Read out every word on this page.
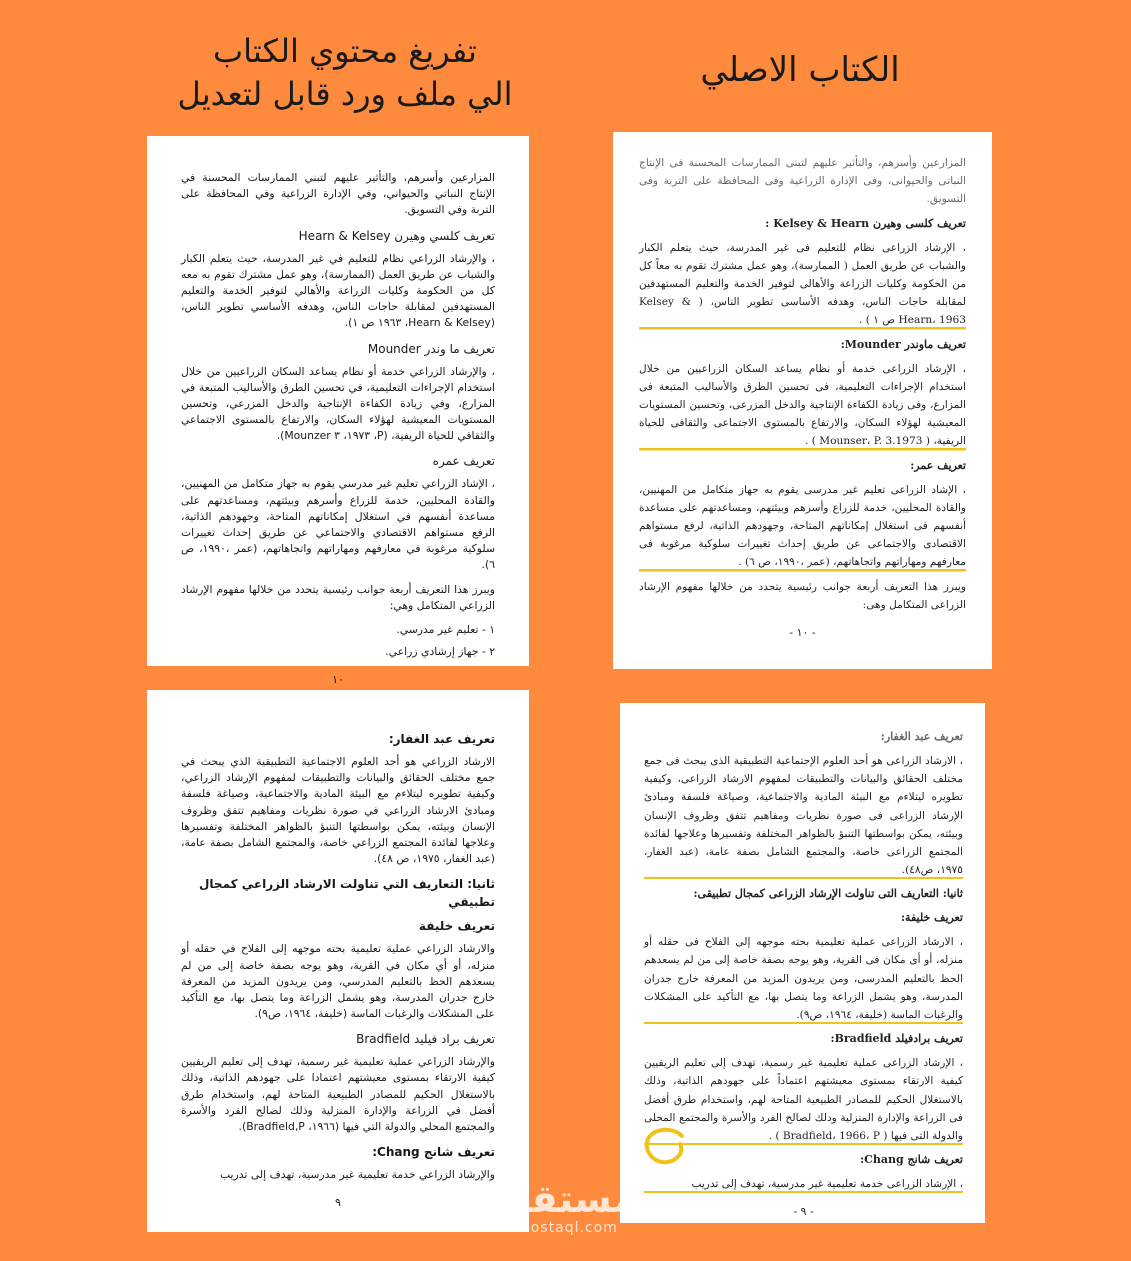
تفريغ محتوي الكتاب
الي ملف ورد قابل لتعديل
الكتاب الاصلي

المزارعين وأسرهم، والتأثير عليهم لتبني الممارسات المحسنة في الإنتاج النباتي والحيواني، وفي الإدارة الزراعية وفي المحافظة على التربة وفي التسويق.

تعريف كلسي وهيرن Hearn & Kelsey

، والإرشاد الزراعي نظام للتعليم في غير المدرسة، حيث يتعلم الكبار والشباب عن طريق العمل (الممارسة)، وهو عمل مشترك تقوم به معه كل من الحكومة وكليات الزراعة والأهالي لتوفير الخدمة والتعليم المستهدفين لمقابلة حاجات الناس، وهدفه الأساسي تطوير الناس، (Hearn & Kelsey، ١٩٦٣ ص ١).

تعريف ما وندر Mounder

، والإرشاد الزراعي خدمة أو نظام يساعد السكان الزراعيين من خلال استخدام الإجراءات التعليمية، في تحسين الطرق والأساليب المتبعة في المزارع، وفي زيادة الكفاءة الإنتاجية والدخل المزرعي، وتحسين المستويات المعيشية لهؤلاء السكان، والارتفاع بالمستوى الاجتماعي والثقافي للحياة الريفية، (P، ١٩٧٣، ٣ Mounzer).

تعريف عمره

، الإشاد الزراعي تعليم غير مدرسي يقوم به جهاز متكامل من المهنيين، والقادة المحليين، خدمة للزراع وأسرهم وبيئتهم، ومساعدتهم على مساعدة أنفسهم في استغلال إمكاناتهم المتاحة، وجهودهم الذاتية، الرفع مستواهم الاقتصادي والاجتماعي عن طريق إحداث تغييرات سلوكية مرغوبة في معارفهم ومهاراتهم واتجاهاتهم، (عمر ،١٩٩٠، ص ٦).

ويبرز هذا التعريف أربعة جوانب رئيسية يتحدد من خلالها مفهوم الإرشاد الزراعي المتكامل وهي:

١ - تعليم غير مدرسي.
٢ - جهاز إرشادي زراعي.
١٠

المزارعين وأسرهم، والتأثير عليهم لتبنى الممارسات المحسنة فى الإنتاج النباتى والحيوانى، وفى الإدارة الزراعية وفى المحافظة على التربة وفى التسويق.

تعريف كلسى وهيرن Kelsey & Hearn :

، الإرشاد الزراعى نظام للتعليم فى غير المدرسة، حيث يتعلم الكبار والشباب عن طريق العمل ( الممارسة)، وهو عمل مشترك تقوم به معاً كل من الحكومة وكليات الزراعة والأهالى لتوفير الخدمة والتعليم المستهدفين لمقابلة حاجات الناس، وهدفه الأساسى تطوير الناس، ( Kelsey & Hearn، 1963 ص ١ ) .

تعريف ماوندر Mounder:

، الإرشاد الزراعى خدمة أو نظام يساعد السكان الزراعيين من خلال استخدام الإجراءات التعليمية، فى تحسين الطرق والأساليب المتبعة فى المزارع، وفى زيادة الكفاءة الإنتاجية والدخل المزرعى، وتحسين المستويات المعيشية لهؤلاء السكان، والارتفاع بالمستوى الاجتماعى والثقافى للحياة الريفية، ( Mounser، P. 3.1973 ) .

تعريف عمر:

، الإشاد الزراعى تعليم غير مدرسى يقوم به جهاز متكامل من المهنيين، والقادة المحليين، خدمة للزراع وأسرهم وبيئتهم، ومساعدتهم على مساعدة أنفسهم فى استغلال إمكاناتهم المتاحة، وجهودهم الذاتية، لرفع مستواهم الاقتصادى والاجتماعى عن طريق إحداث تغييرات سلوكية مرغوبة فى معارفهم ومهاراتهم واتجاهاتهم، (عمر ،١٩٩٠، ص ٦) .

ويبرز هذا التعريف أربعة جوانب رئيسية يتحدد من خلالها مفهوم الإرشاد الزراعى المتكامل وهى:

- ١٠ -
تعريف عبد الغفار:

الارشاد الزراعي هو أحد العلوم الاجتماعية التطبيقية الذي يبحث في جمع مختلف الحقائق والبيانات والتطبيقات لمفهوم الإرشاد الزراعي، وكيفية تطويره ليتلاءم مع البيئة المادية والاجتماعية، وصياغة فلسفة ومبادئ الارشاد الزراعي في صورة نظريات ومفاهيم تتفق وظروف الإنسان وبيئته، يمكن بواسطتها التنبؤ بالظواهر المختلفة وتفسيرها وعلاجها لفائدة المجتمع الزراعي خاصة، والمجتمع الشامل بصفة عامة، (عبد الغفار، ١٩٧٥، ص ٤٨).

ثانيا: التعاريف التي تناولت الارشاد الزراعي كمجال تطبيقي
تعريف خليفة

والارشاد الزراعي عملية تعليمية بحته موجهه إلى الفلاح في حقله أو منزله، أو أي مكان في القرية، وهو يوجه بصفة خاصة إلى من لم يسعدهم الحظ بالتعليم المدرسي، ومن يريدون المزيد من المعرفة خارج جدران المدرسة، وهو يشمل الزراعة وما يتصل بها، مع التأكيد على المشكلات والرغبات الماسة (خليفة، ١٩٦٤، ص٩).

تعريف براد فيليد Bradfield

والإرشاد الزراعي عملية تعليمية غير رسمية، تهدف إلى تعليم الريفيين كيفية الارتقاء بمستوى معيشتهم اعتمادا على جهودهم الذاتية، وذلك بالاستغلال الحكيم للمصادر الطبيعية المتاحة لهم، واستخدام طرق أفضل في الزراعة والإدارة المنزلية وذلك لصالح الفرد والأسرة والمجتمع المحلي والدولة التي فيها (١٩٦٦، Bradfield,P).

تعريف شانج Chang:

والإرشاد الزراعي خدمة تعليمية غير مدرسية، تهدف إلى تدريب

٩
تعريف عبد الغفار:

، الارشاد الزراعى هو أحد العلوم الإجتماعية التطبيقية الذى يبحث فى جمع مختلف الحقائق والبيانات والتطبيقات لمفهوم الارشاد الزراعى، وكيفية تطويره ليتلاءم مع البيئة المادية والاجتماعية، وصياغة فلسفة ومبادئ الإرشاد الزراعى فى صورة نظريات ومفاهيم تتفق وظروف الإنسان وبيئته، يمكن بواسطتها التنبؤ بالظواهر المختلفة وتفسيرها وعلاجها لفائدة المجتمع الزراعى خاصة، والمجتمع الشامل بصفة عامة، (عبد الغفار، ١٩٧٥، ص٤٨).

ثانيا: التعاريف التى تناولت الإرشاد الزراعى كمجال تطبيقى:
تعريف خليفة:

، الارشاد الزراعى عملية تعليمية بحته موجهه إلى الفلاح فى حقله أو منزله، أو أى مكان فى القرية، وهو يوجه بصفة خاصة إلى من لم يسعدهم الحظ بالتعليم المدرسى، ومن يريدون المزيد من المعرفة خارج جدران المدرسة، وهو يشمل الزراعة وما يتصل بها، مع التأكيد على المشكلات والرغبات الماسة (خليفة، ١٩٦٤، ص٩).

تعريف برادفيلد Bradfield:

، الإرشاد الزراعى عملية تعليمية غير رسمية، تهدف إلى تعليم الريفيين كيفية الارتقاء بمستوى معيشتهم اعتماداً على جهودهم الذاتية، وذلك بالاستغلال الحكيم للمصادر الطبيعية المتاحة لهم، واستخدام طرق أفضل فى الزراعة والإدارة المنزلية ودلك لصالح الفرد والأسرة والمجتمع المحلى والدولة التى فيها ( Bradfield، 1966، P ) .

تعريف شانج Chang:

، الإرشاد الزراعى خدمة تعليمية غير مدرسية، تهدف إلى تدريب

- ٩ -
مستقل
mostaql.com
